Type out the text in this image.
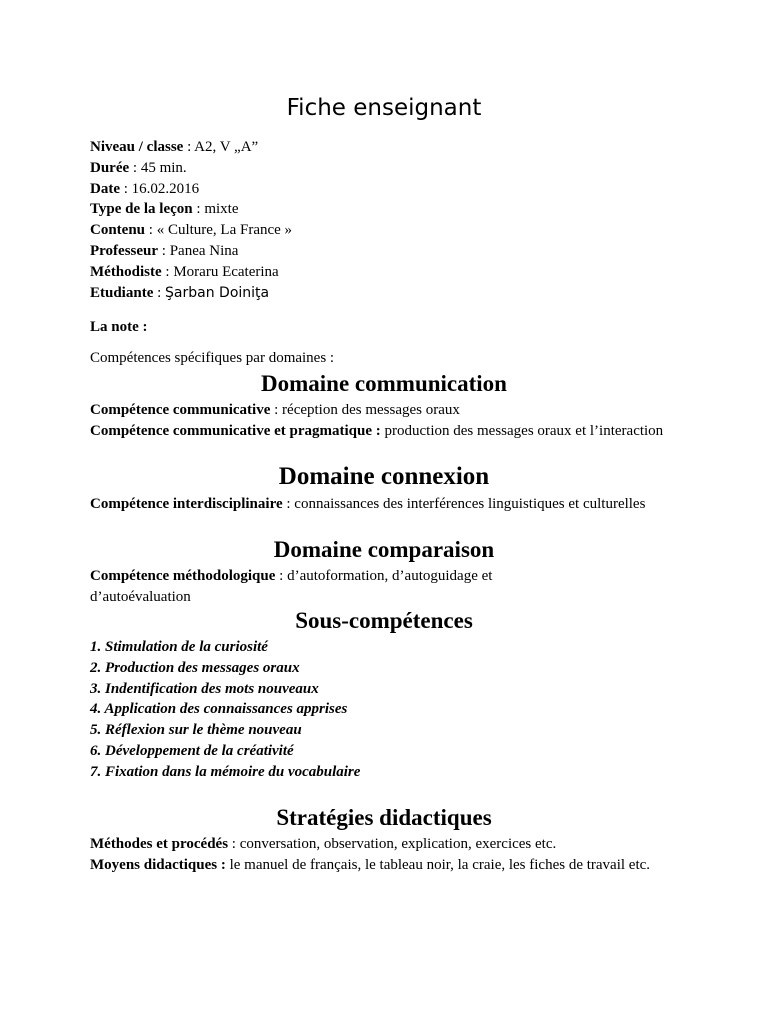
Fiche enseignant
Niveau / classe : A2, V „A”
Durée : 45 min.
Date : 16.02.2016
Type de la leçon : mixte
Contenu : « Culture, La France »
Professeur : Panea Nina
Méthodiste : Moraru Ecaterina
Etudiante : Şarban Doiniţa
La note :
Compétences spécifiques par domaines :
Domaine communication
Compétence communicative : réception des messages oraux
Compétence communicative et pragmatique : production des messages oraux et l’interaction
Domaine connexion
Compétence interdisciplinaire : connaissances des interférences linguistiques et culturelles
Domaine comparaison
Compétence méthodologique : d’autoformation, d’autoguidage et d’autoévaluation
Sous-compétences
1. Stimulation de la curiosité
2. Production des messages oraux
3. Indentification des mots nouveaux
4. Application des connaissances apprises
5. Réflexion sur le thème nouveau
6. Développement de la créativité
7. Fixation dans la mémoire du vocabulaire
Stratégies didactiques
Méthodes et procédés : conversation, observation, explication, exercices etc.
Moyens didactiques : le manuel de français, le tableau noir, la craie, les fiches de travail etc.
